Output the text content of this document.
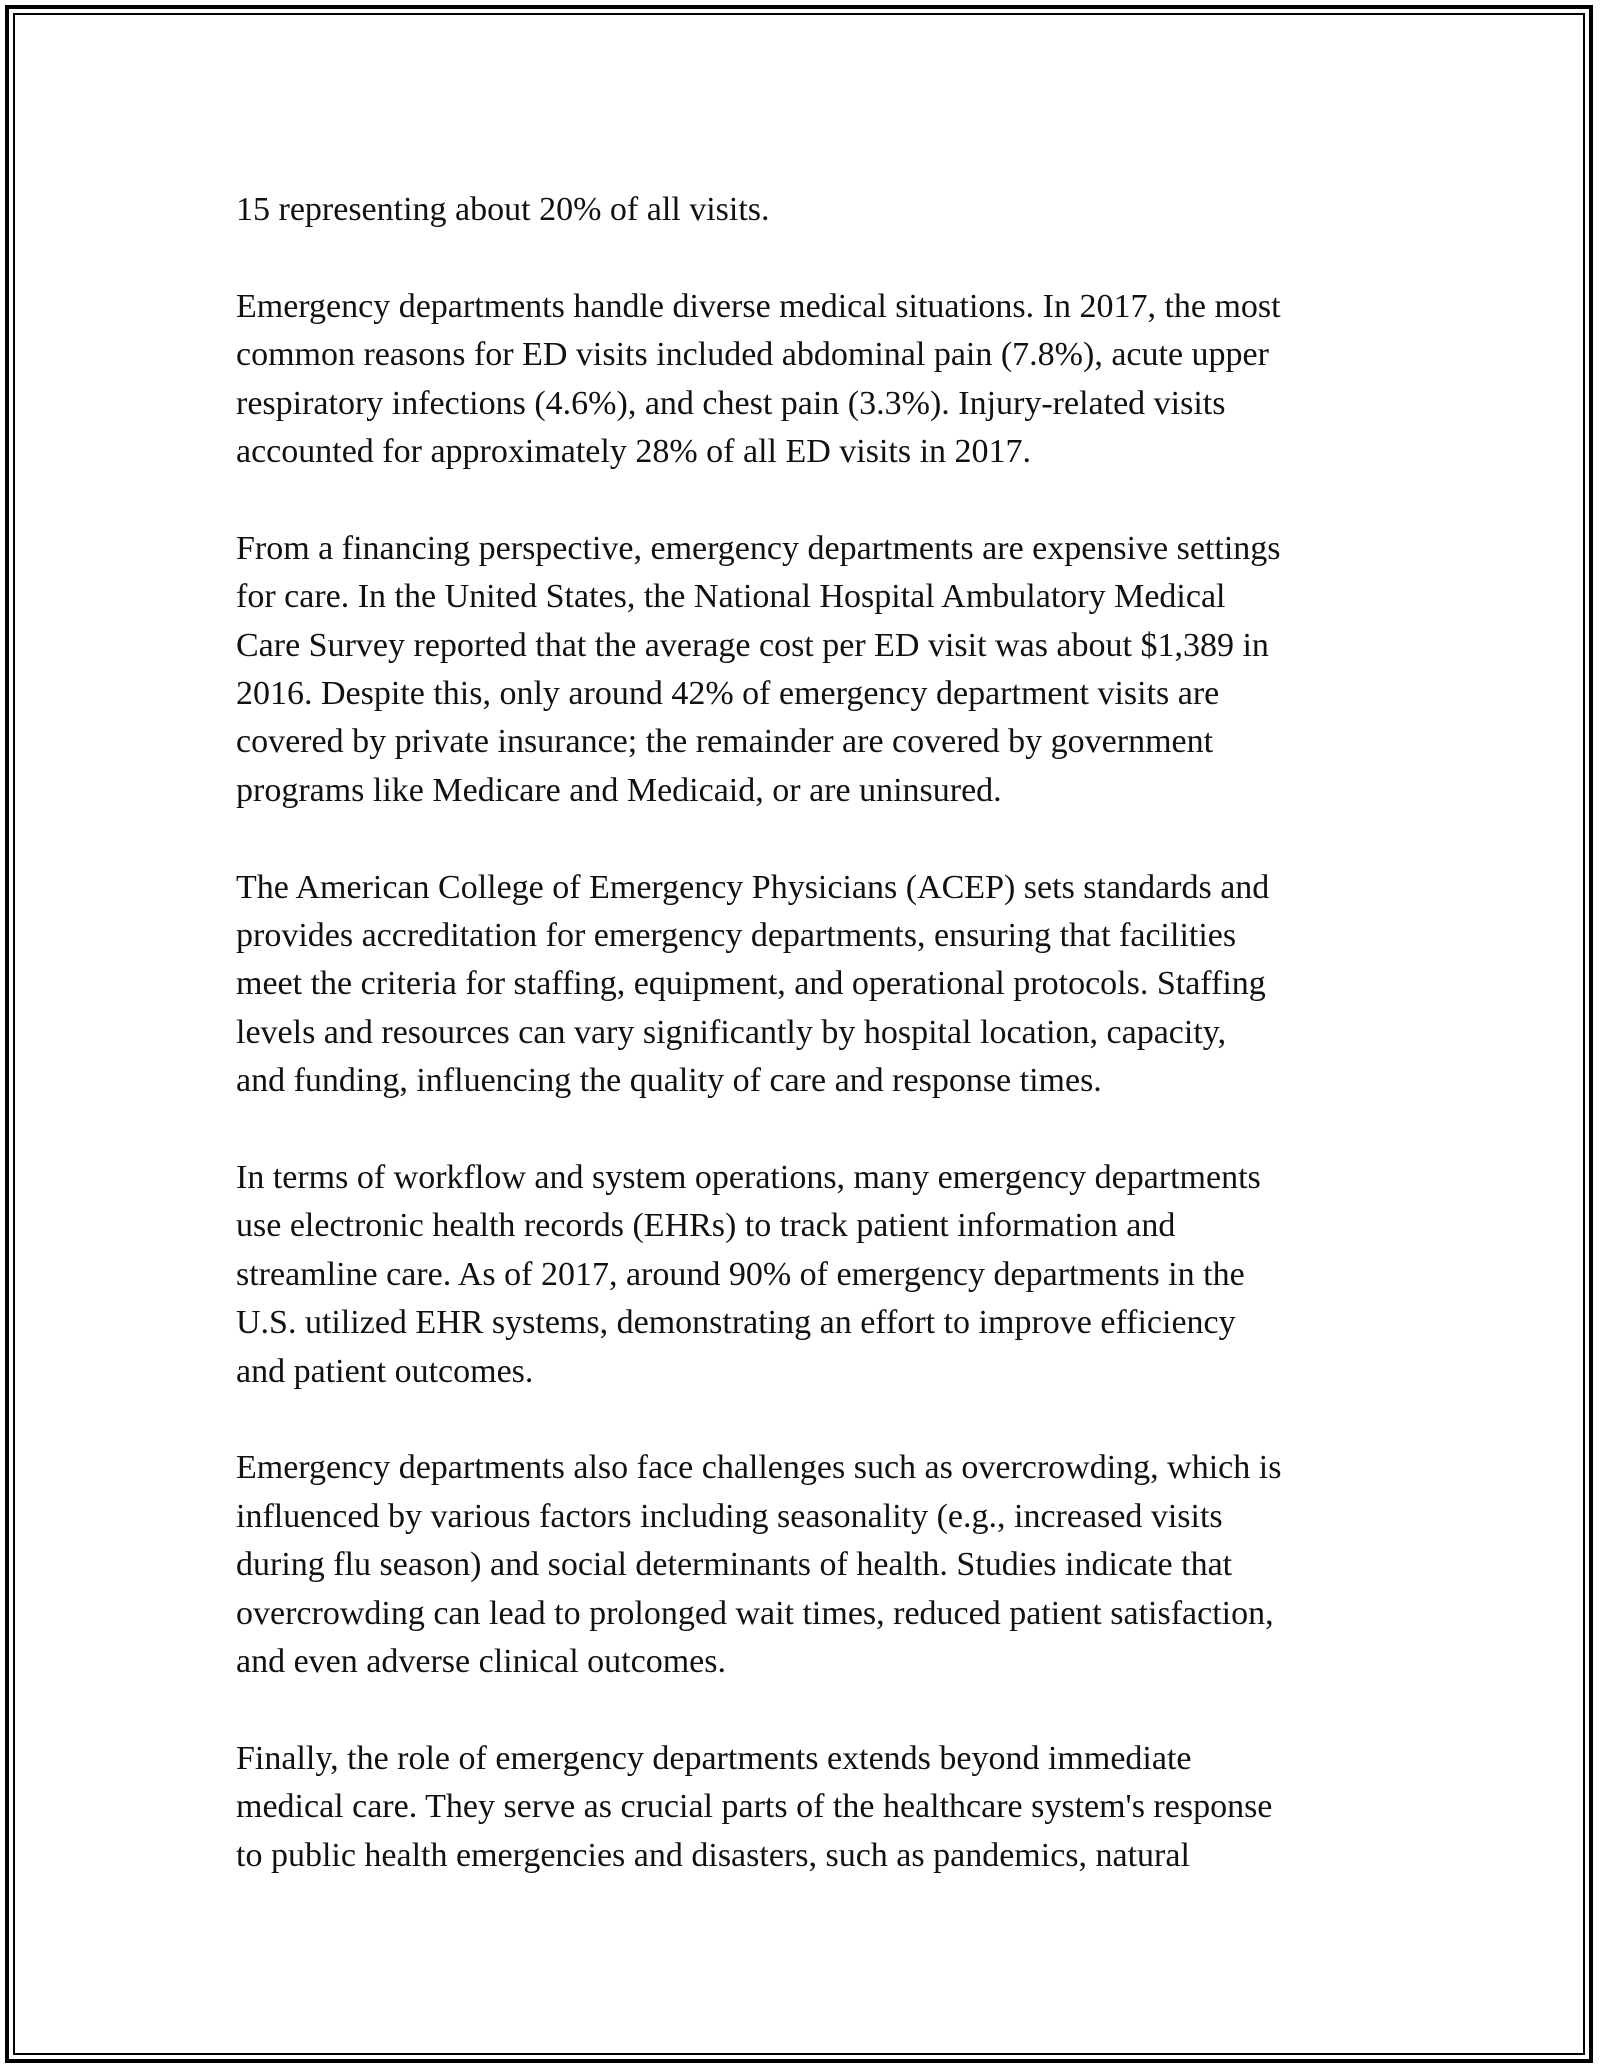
15 representing about 20% of all visits.

Emergency departments handle diverse medical situations. In 2017, the most
common reasons for ED visits included abdominal pain (7.8%), acute upper
respiratory infections (4.6%), and chest pain (3.3%). Injury-related visits
accounted for approximately 28% of all ED visits in 2017.

From a financing perspective, emergency departments are expensive settings
for care. In the United States, the National Hospital Ambulatory Medical
Care Survey reported that the average cost per ED visit was about $1,389 in
2016. Despite this, only around 42% of emergency department visits are
covered by private insurance; the remainder are covered by government
programs like Medicare and Medicaid, or are uninsured.

The American College of Emergency Physicians (ACEP) sets standards and
provides accreditation for emergency departments, ensuring that facilities
meet the criteria for staffing, equipment, and operational protocols. Staffing
levels and resources can vary significantly by hospital location, capacity,
and funding, influencing the quality of care and response times.

In terms of workflow and system operations, many emergency departments
use electronic health records (EHRs) to track patient information and
streamline care. As of 2017, around 90% of emergency departments in the
U.S. utilized EHR systems, demonstrating an effort to improve efficiency
and patient outcomes.

Emergency departments also face challenges such as overcrowding, which is
influenced by various factors including seasonality (e.g., increased visits
during flu season) and social determinants of health. Studies indicate that
overcrowding can lead to prolonged wait times, reduced patient satisfaction,
and even adverse clinical outcomes.

Finally, the role of emergency departments extends beyond immediate
medical care. They serve as crucial parts of the healthcare system's response
to public health emergencies and disasters, such as pandemics, natural
